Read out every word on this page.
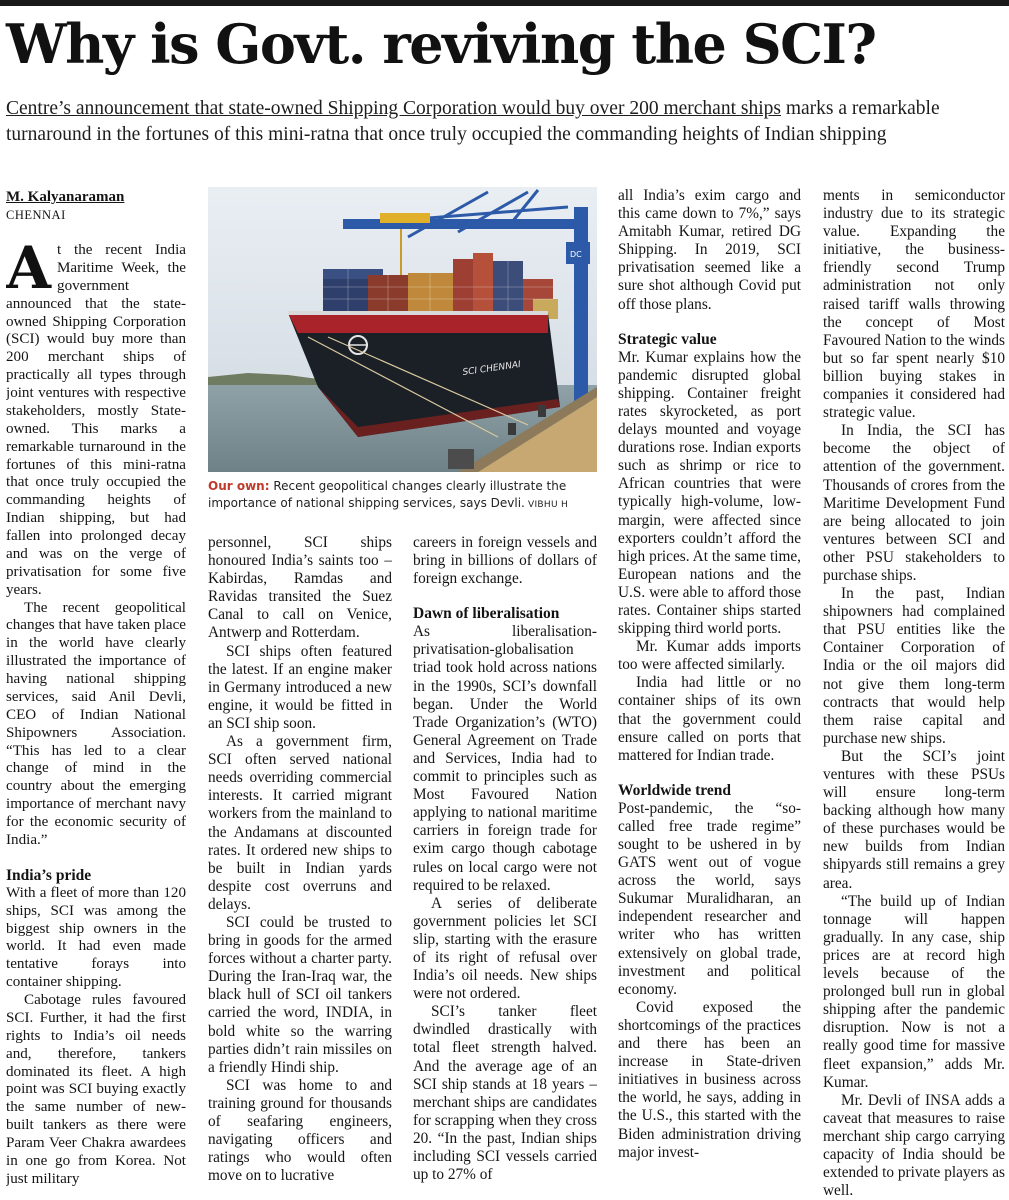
Why is Govt. reviving the SCI?
Centre’s announcement that state-owned Shipping Corporation would buy over 200 merchant ships marks a remarkable turnaround in the fortunes of this mini-ratna that once truly occupied the commanding heights of Indian shipping
M. Kalyanaraman
CHENNAI

At the recent India Maritime Week, the government announced that the state-owned Shipping Corporation (SCI) would buy more than 200 merchant ships of practically all types through joint ventures with respective stakeholders, mostly State-owned. This marks a remarkable turnaround in the fortunes of this mini-ratna that once truly occupied the commanding heights of Indian shipping, but had fallen into prolonged decay and was on the verge of privatisation for some five years.

The recent geopolitical changes that have taken place in the world have clearly illustrated the importance of having national shipping services, said Anil Devli, CEO of Indian National Shipowners Association. “This has led to a clear change of mind in the country about the emerging importance of merchant navy for the economic security of India.”

India’s pride

With a fleet of more than 120 ships, SCI was among the biggest ship owners in the world. It had even made tentative forays into container shipping.

Cabotage rules favoured SCI. Further, it had the first rights to India’s oil needs and, therefore, tankers dominated its fleet. A high point was SCI buying exactly the same number of new-built tankers as there were Param Veer Chakra awardees in one go from Korea. Not just military

DC
SCI CHENNAI
Our own: Recent geopolitical changes clearly illustrate the importance of national shipping services, says Devli. VIBHU H

personnel, SCI ships honoured India’s saints too – Kabirdas, Ramdas and Ravidas transited the Suez Canal to call on Venice, Antwerp and Rotterdam.

SCI ships often featured the latest. If an engine maker in Germany introduced a new engine, it would be fitted in an SCI ship soon.

As a government firm, SCI often served national needs overriding commercial interests. It carried migrant workers from the mainland to the Andamans at discounted rates. It ordered new ships to be built in Indian yards despite cost overruns and delays.

SCI could be trusted to bring in goods for the armed forces without a charter party. During the Iran-Iraq war, the black hull of SCI oil tankers carried the word, INDIA, in bold white so the warring parties didn’t rain missiles on a friendly Hindi ship.

SCI was home to and training ground for thousands of seafaring engineers, navigating officers and ratings who would often move on to lucrative

careers in foreign vessels and bring in billions of dollars of foreign exchange.

Dawn of liberalisation

As liberalisation-privatisation-globalisation triad took hold across nations in the 1990s, SCI’s downfall began. Under the World Trade Organization’s (WTO) General Agreement on Trade and Services, India had to commit to principles such as Most Favoured Nation applying to national maritime carriers in foreign trade for exim cargo though cabotage rules on local cargo were not required to be relaxed.

A series of deliberate government policies let SCI slip, starting with the erasure of its right of refusal over India’s oil needs. New ships were not ordered.

SCI’s tanker fleet dwindled drastically with total fleet strength halved. And the average age of an SCI ship stands at 18 years – merchant ships are candidates for scrapping when they cross 20. “In the past, Indian ships including SCI vessels carried up to 27% of

all India’s exim cargo and this came down to 7%,” says Amitabh Kumar, retired DG Shipping. In 2019, SCI privatisation seemed like a sure shot although Covid put off those plans.

Strategic value

Mr. Kumar explains how the pandemic disrupted global shipping. Container freight rates skyrocketed, as port delays mounted and voyage durations rose. Indian exports such as shrimp or rice to African countries that were typically high-volume, low-margin, were affected since exporters couldn’t afford the high prices. At the same time, European nations and the U.S. were able to afford those rates. Container ships started skipping third world ports.

Mr. Kumar adds imports too were affected similarly.

India had little or no container ships of its own that the government could ensure called on ports that mattered for Indian trade.

Worldwide trend

Post-pandemic, the “so-called free trade regime” sought to be ushered in by GATS went out of vogue across the world, says Sukumar Muralidharan, an independent researcher and writer who has written extensively on global trade, investment and political economy.

Covid exposed the shortcomings of the practices and there has been an increase in State-driven initiatives in business across the world, he says, adding in the U.S., this started with the Biden administration driving major invest-

ments in semiconductor industry due to its strategic value. Expanding the initiative, the business-friendly second Trump administration not only raised tariff walls throwing the concept of Most Favoured Nation to the winds but so far spent nearly $10 billion buying stakes in companies it considered had strategic value.

In India, the SCI has become the object of attention of the government. Thousands of crores from the Maritime Development Fund are being allocated to join ventures between SCI and other PSU stakeholders to purchase ships.

In the past, Indian shipowners had complained that PSU entities like the Container Corporation of India or the oil majors did not give them long-term contracts that would help them raise capital and purchase new ships.

But the SCI’s joint ventures with these PSUs will ensure long-term backing although how many of these purchases would be new builds from Indian shipyards still remains a grey area.

“The build up of Indian tonnage will happen gradually. In any case, ship prices are at record high levels because of the prolonged bull run in global shipping after the pandemic disruption. Now is not a really good time for massive fleet expansion,” adds Mr. Kumar.

Mr. Devli of INSA adds a caveat that measures to raise merchant ship cargo carrying capacity of India should be extended to private players as well.
